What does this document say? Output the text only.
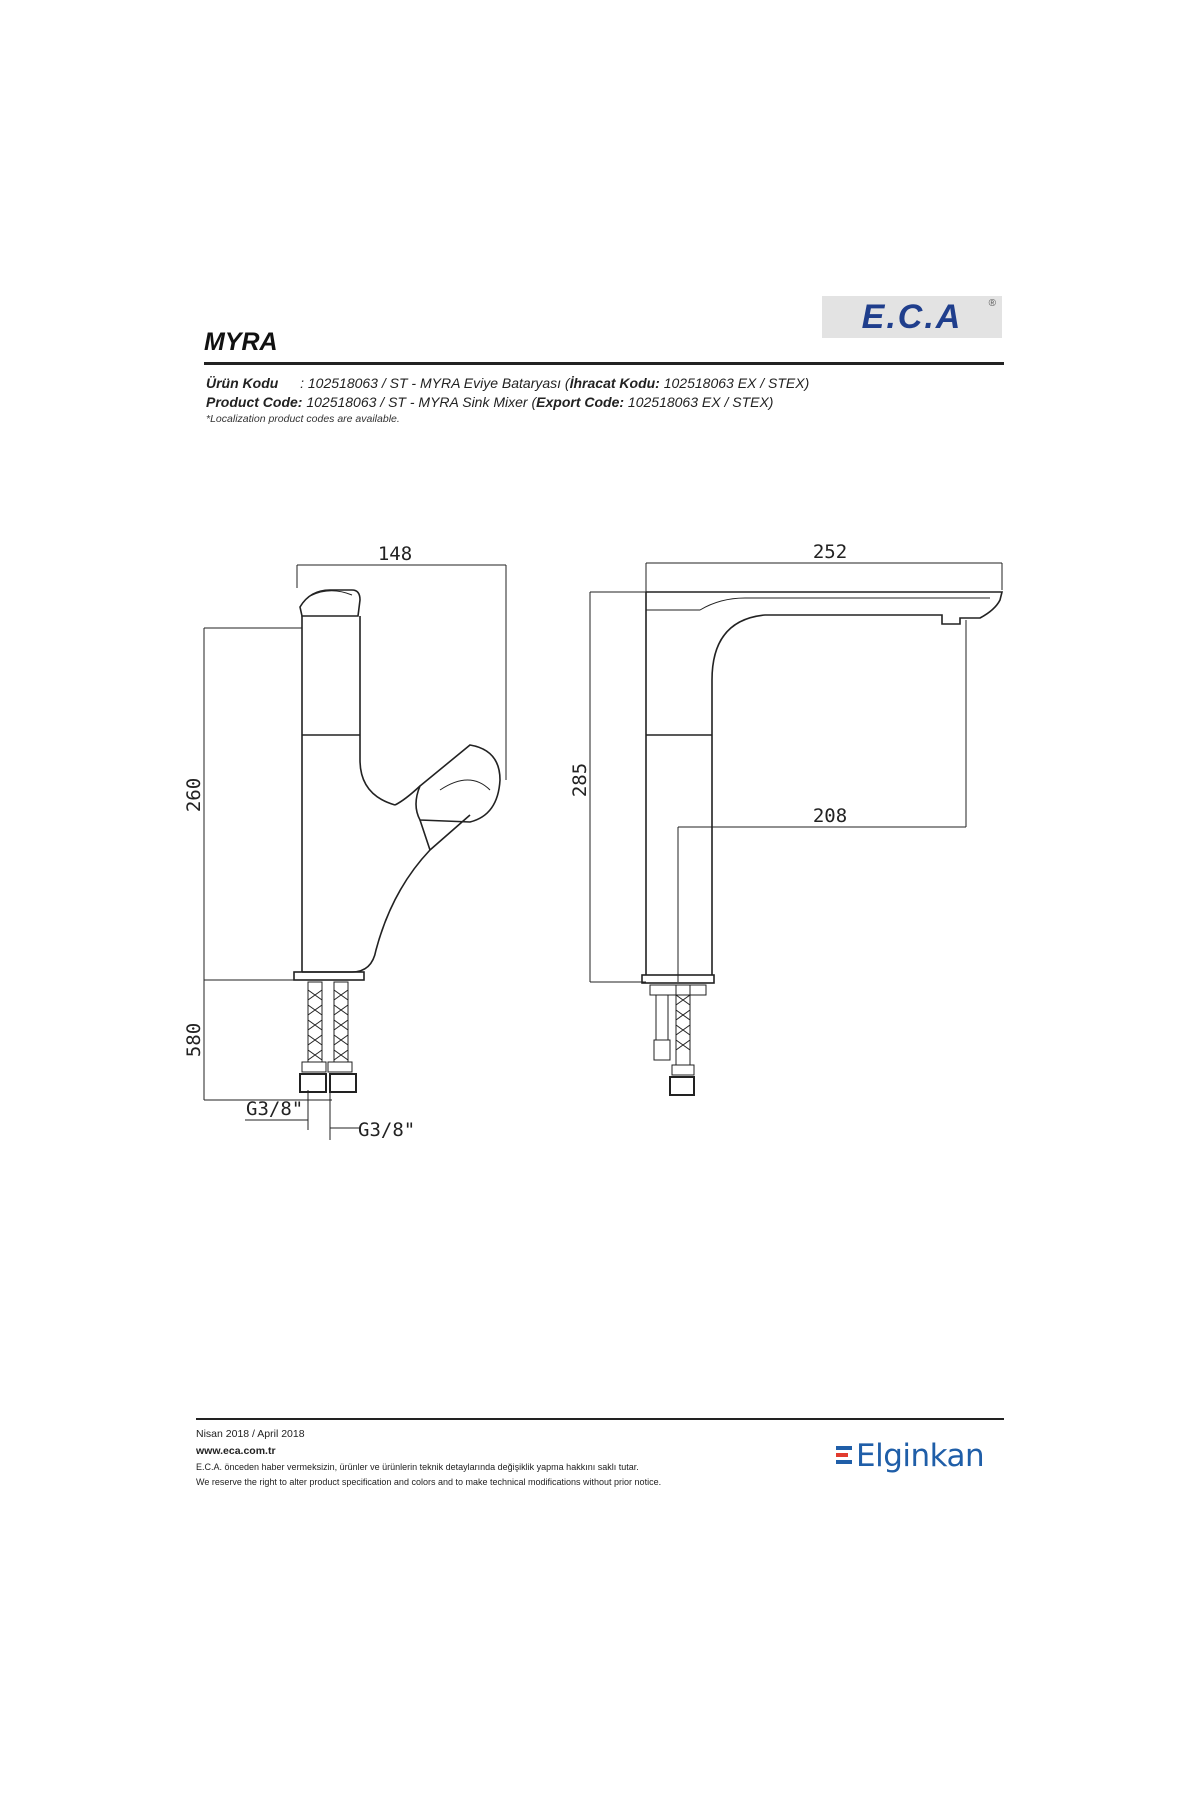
E.C.A	®
MYRA
Ürün Kodu : 102518063 / ST - MYRA Eviye Bataryası (İhracat Kodu: 102518063 EX / STEX)
Product Code: 102518063 / ST - MYRA Sink Mixer (Export Code: 102518063 EX / STEX)
*Localization product codes are available.
148
260
580
G3/8"
G3/8"
252
285
208
Nisan 2018 / April 2018
www.eca.com.tr
E.C.A. önceden haber vermeksizin, ürünler ve ürünlerin teknik detaylarında değişiklik yapma hakkını saklı tutar.
We reserve the right to alter product specification and colors and to make technical modifications without prior notice.
Elginkan
